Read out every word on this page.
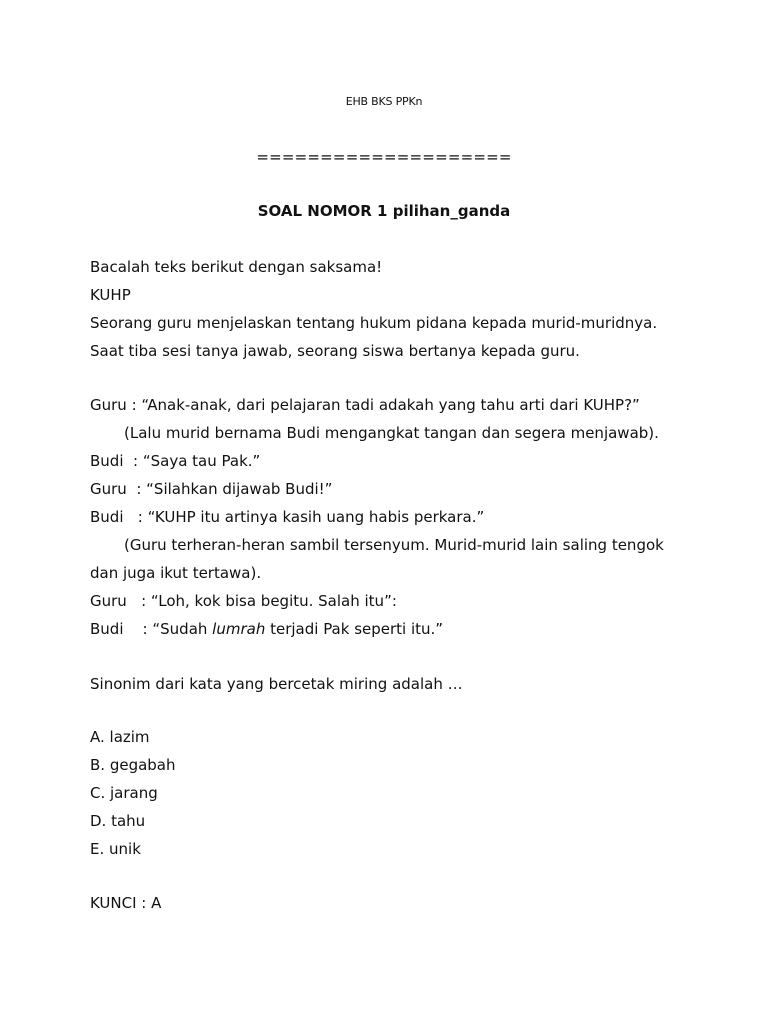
EHB BKS PPKn
====================
SOAL NOMOR 1 pilihan_ganda
Bacalah teks berikut dengan saksama!
KUHP
Seorang guru menjelaskan tentang hukum pidana kepada murid-muridnya.
Saat tiba sesi tanya jawab, seorang siswa bertanya kepada guru.
Guru : “Anak-anak, dari pelajaran tadi adakah yang tahu arti dari KUHP?”
(Lalu murid bernama Budi mengangkat tangan dan segera menjawab).
Budi  : “Saya tau Pak.”
Guru  : “Silahkan dijawab Budi!”
Budi   : “KUHP itu artinya kasih uang habis perkara.”
(Guru terheran-heran sambil tersenyum. Murid-murid lain saling tengok
dan juga ikut tertawa).
Guru   : “Loh, kok bisa begitu. Salah itu”:
Budi    : “Sudah lumrah terjadi Pak seperti itu.”
Sinonim dari kata yang bercetak miring adalah …
A. lazim
B. gegabah
C. jarang
D. tahu
E. unik
KUNCI : A
